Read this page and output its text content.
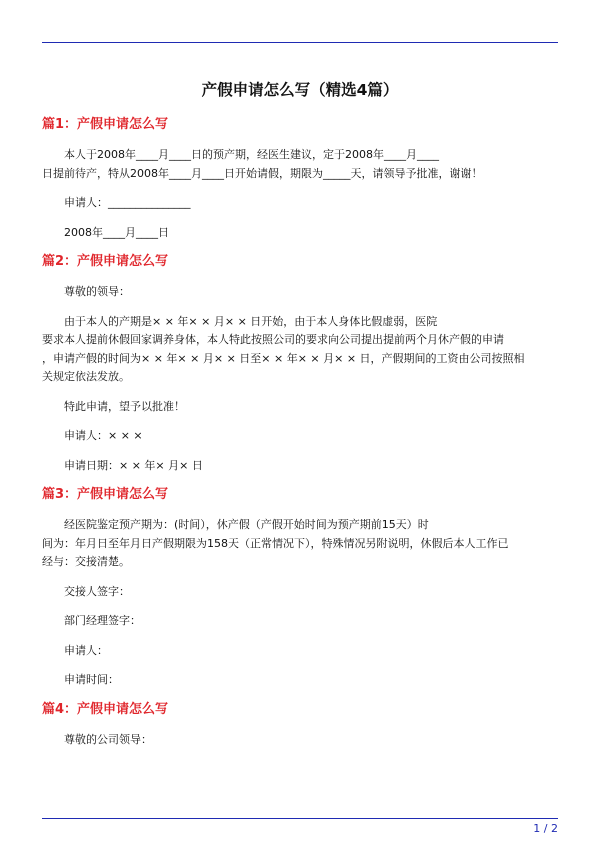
产假申请怎么写（精选4篇）
篇1：产假申请怎么写
本人于2008年____月____日的预产期，经医生建议，定于2008年____月____
日提前待产，特从2008年____月____日开始请假，期限为_____天，请领导予批准，谢谢！
申请人：_______________
2008年____月____日
篇2：产假申请怎么写
尊敬的领导：
由于本人的产期是× × 年× × 月× × 日开始，由于本人身体比假虚弱，医院
要求本人提前休假回家调养身体，本人特此按照公司的要求向公司提出提前两个月休产假的申请
，申请产假的时间为× × 年× × 月× × 日至× × 年× × 月× × 日，产假期间的工资由公司按照相
关规定依法发放。
特此申请，望予以批准！
申请人：× × ×
申请日期：× × 年× 月× 日
篇3：产假申请怎么写
经医院鉴定预产期为：(时间），休产假（产假开始时间为预产期前15天）时
间为：年月日至年月日产假期限为158天（正常情况下），特殊情况另附说明，休假后本人工作已
经与：交接清楚。
交接人签字：
部门经理签字：
申请人：
申请时间：
篇4：产假申请怎么写
尊敬的公司领导：
1 / 2
